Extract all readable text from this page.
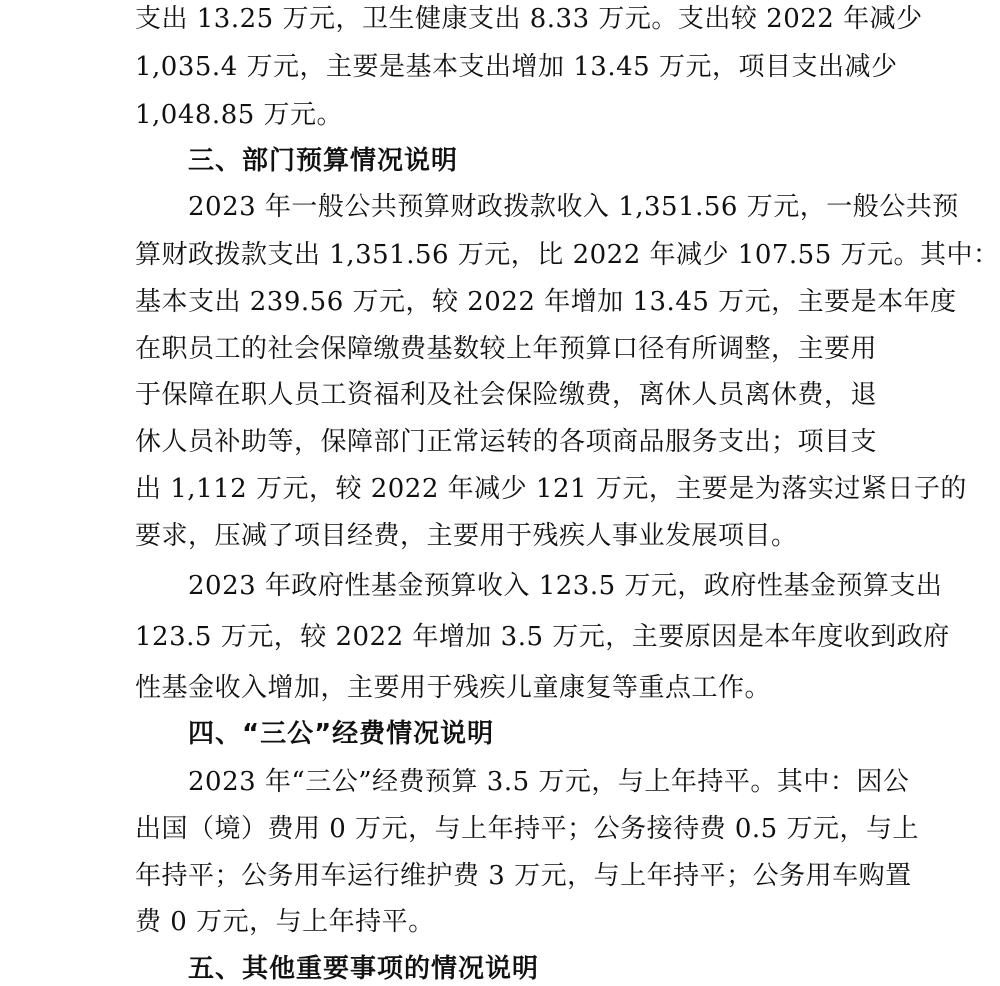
支出 13.25 万元，卫生健康支出 8.33 万元。支出较 2022 年减少
1,035.4 万元，主要是基本支出增加 13.45 万元，项目支出减少
1,048.85 万元。
三、部门预算情况说明
2023 年一般公共预算财政拨款收入 1,351.56 万元，一般公共预
算财政拨款支出 1,351.56 万元，比 2022 年减少 107.55 万元。其中：
基本支出 239.56 万元，较 2022 年增加 13.45 万元，主要是本年度
在职员工的社会保障缴费基数较上年预算口径有所调整，主要用
于保障在职人员工资福利及社会保险缴费，离休人员离休费，退
休人员补助等，保障部门正常运转的各项商品服务支出；项目支
出 1,112 万元，较 2022 年减少 121 万元，主要是为落实过紧日子的
要求，压减了项目经费，主要用于残疾人事业发展项目。
2023 年政府性基金预算收入 123.5 万元，政府性基金预算支出
123.5 万元，较 2022 年增加 3.5 万元，主要原因是本年度收到政府
性基金收入增加，主要用于残疾儿童康复等重点工作。
四、“三公”经费情况说明
2023 年“三公”经费预算 3.5 万元，与上年持平。其中：因公
出国（境）费用 0 万元，与上年持平；公务接待费 0.5 万元，与上
年持平；公务用车运行维护费 3 万元，与上年持平；公务用车购置
费 0 万元，与上年持平。
五、其他重要事项的情况说明
